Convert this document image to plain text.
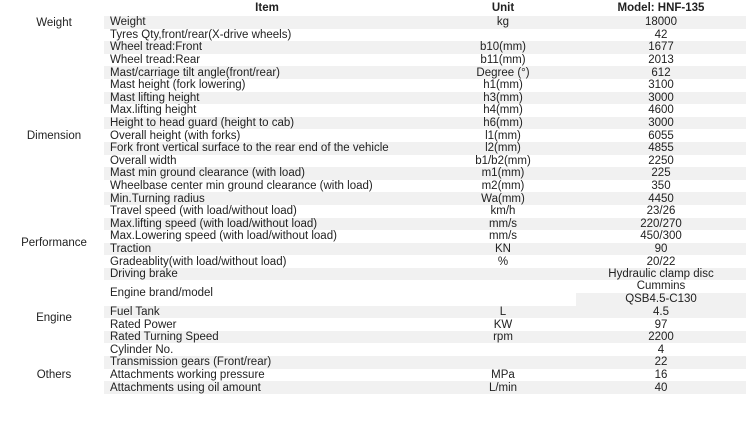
	Item	Unit	Model: HNF-135
Weight	Weight	kg	18000
	Tyres Qty,front/rear(X-drive wheels)		42
	Wheel tread:Front	b10(mm)	1677
	Wheel tread:Rear	b11(mm)	2013
Dimension	Mast/carriage tilt angle(front/rear)	Degree (°)	612
	Mast height (fork lowering)	h1(mm)	3100
	Mast lifting height	h3(mm)	3000
	Max.lifting height	h4(mm)	4600
	Height to head guard (height to cab)	h6(mm)	3000
	Overall height (with forks)	l1(mm)	6055
	Fork front vertical surface to the rear end of the vehicle	l2(mm)	4855
	Overall width	b1/b2(mm)	2250
	Mast min ground clearance (with load)	m1(mm)	225
	Wheelbase center min ground clearance (with load)	m2(mm)	350
	Min.Turning radius	Wa(mm)	4450
Performance	Travel speed (with load/without load)	km/h	23/26
	Max.lifting speed (with load/without load)	mm/s	220/270
	Max.Lowering speed (with load/without load)	mm/s	450/300
	Traction	KN	90
	Gradeablity(with load/without load)	%	20/22
	Driving brake		Hydraulic clamp disc
Engine	Engine brand/model		Cummins
QSB4.5-C130

	Fuel Tank	L	4.5
	Rated Power	KW	97
	Rated Turning Speed	rpm	2200
	Cylinder No.		4
Others	Transmission gears (Front/rear)		22
	Attachments working pressure	MPa	16
	Attachments using oil amount	L/min	40
